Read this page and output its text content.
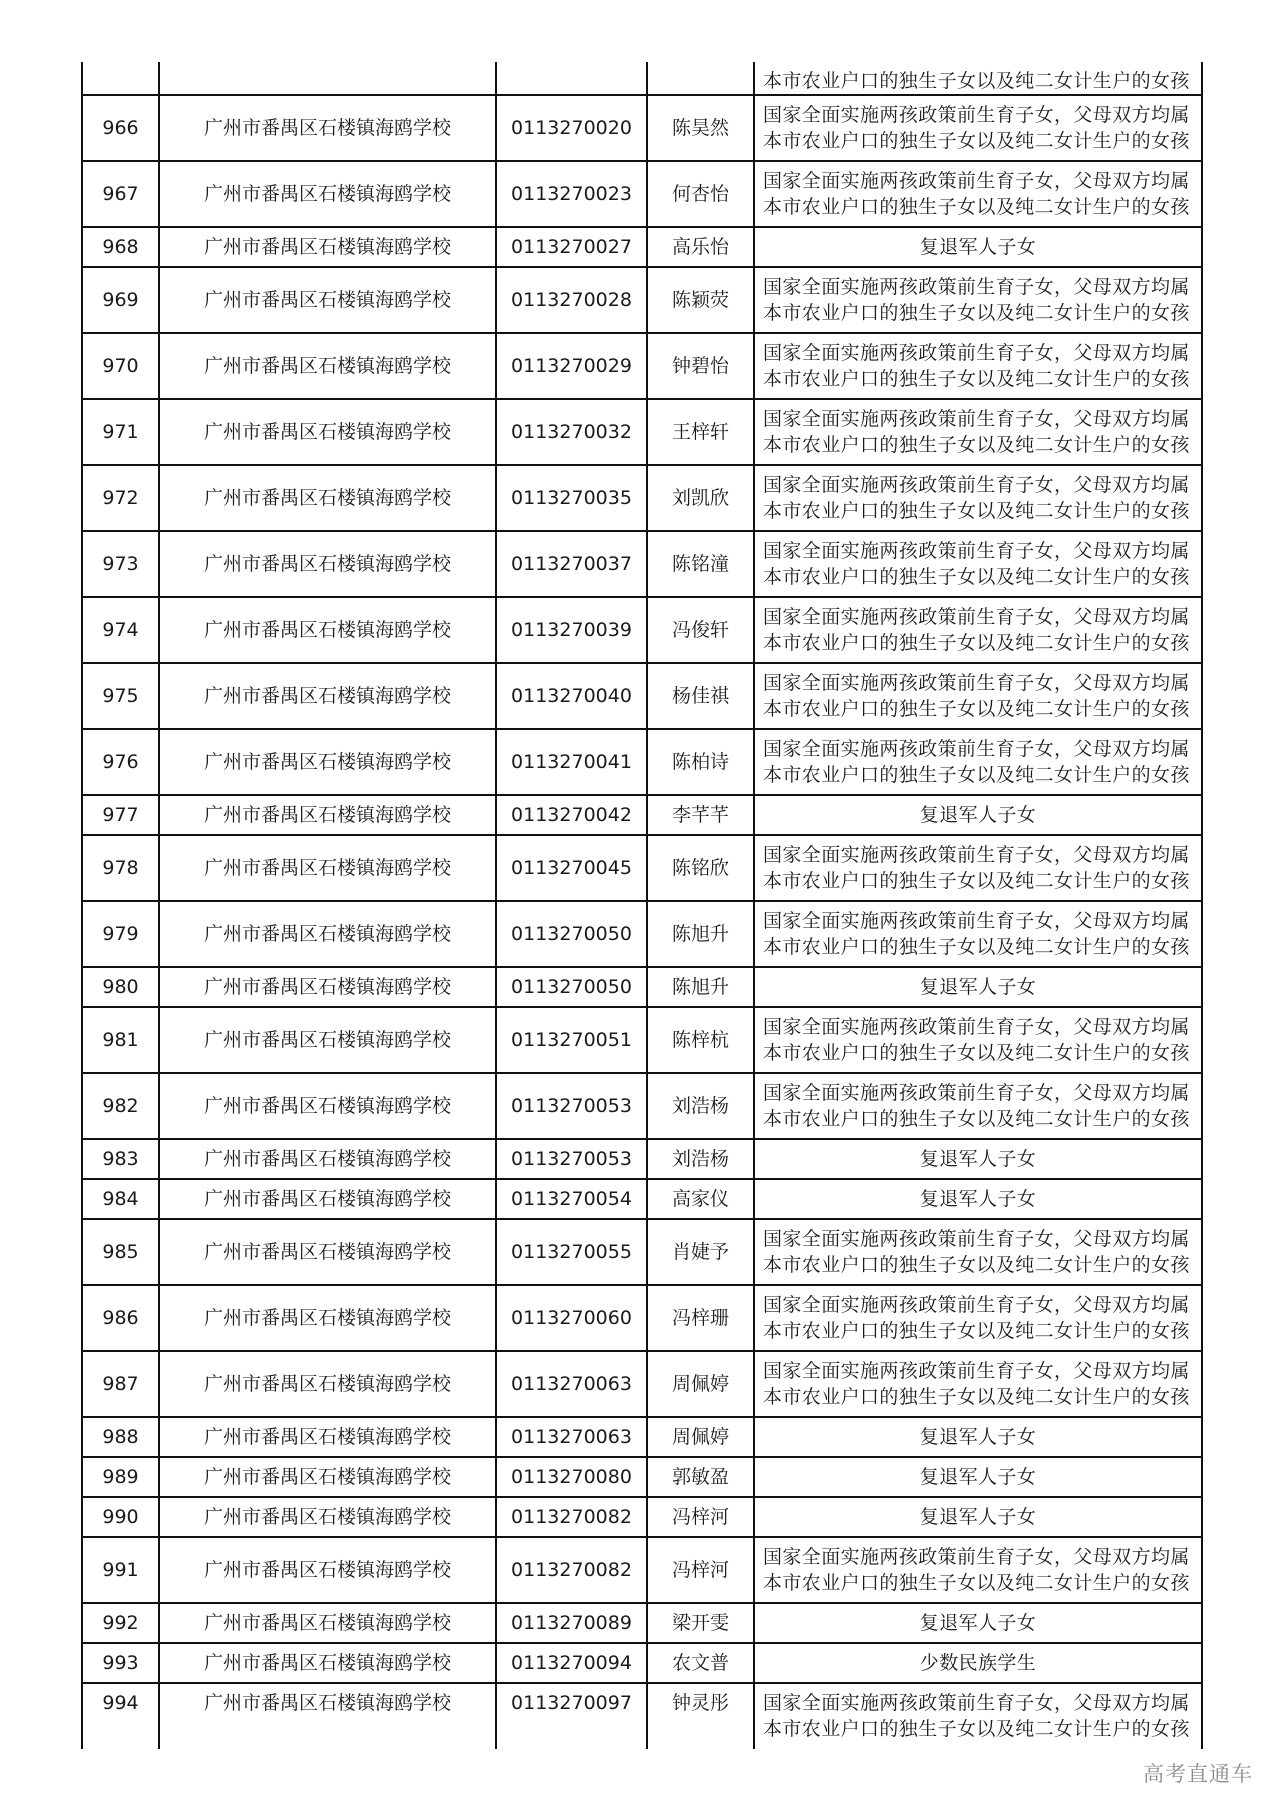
				本市农业户口的独生子女以及纯二女计生户的女孩

966	广州市番禺区石楼镇海鸥学校	0113270020	陈昊然	国家全面实施两孩政策前生育子女，父母双方均属
本市农业户口的独生子女以及纯二女计生户的女孩

967	广州市番禺区石楼镇海鸥学校	0113270023	何杏怡	国家全面实施两孩政策前生育子女，父母双方均属
本市农业户口的独生子女以及纯二女计生户的女孩

968	广州市番禺区石楼镇海鸥学校	0113270027	高乐怡	复退军人子女
969	广州市番禺区石楼镇海鸥学校	0113270028	陈颖荧	国家全面实施两孩政策前生育子女，父母双方均属
本市农业户口的独生子女以及纯二女计生户的女孩

970	广州市番禺区石楼镇海鸥学校	0113270029	钟碧怡	国家全面实施两孩政策前生育子女，父母双方均属
本市农业户口的独生子女以及纯二女计生户的女孩

971	广州市番禺区石楼镇海鸥学校	0113270032	王梓轩	国家全面实施两孩政策前生育子女，父母双方均属
本市农业户口的独生子女以及纯二女计生户的女孩

972	广州市番禺区石楼镇海鸥学校	0113270035	刘凯欣	国家全面实施两孩政策前生育子女，父母双方均属
本市农业户口的独生子女以及纯二女计生户的女孩

973	广州市番禺区石楼镇海鸥学校	0113270037	陈铭潼	国家全面实施两孩政策前生育子女，父母双方均属
本市农业户口的独生子女以及纯二女计生户的女孩

974	广州市番禺区石楼镇海鸥学校	0113270039	冯俊轩	国家全面实施两孩政策前生育子女，父母双方均属
本市农业户口的独生子女以及纯二女计生户的女孩

975	广州市番禺区石楼镇海鸥学校	0113270040	杨佳祺	国家全面实施两孩政策前生育子女，父母双方均属
本市农业户口的独生子女以及纯二女计生户的女孩

976	广州市番禺区石楼镇海鸥学校	0113270041	陈柏诗	国家全面实施两孩政策前生育子女，父母双方均属
本市农业户口的独生子女以及纯二女计生户的女孩

977	广州市番禺区石楼镇海鸥学校	0113270042	李芊芊	复退军人子女
978	广州市番禺区石楼镇海鸥学校	0113270045	陈铭欣	国家全面实施两孩政策前生育子女，父母双方均属
本市农业户口的独生子女以及纯二女计生户的女孩

979	广州市番禺区石楼镇海鸥学校	0113270050	陈旭升	国家全面实施两孩政策前生育子女，父母双方均属
本市农业户口的独生子女以及纯二女计生户的女孩

980	广州市番禺区石楼镇海鸥学校	0113270050	陈旭升	复退军人子女
981	广州市番禺区石楼镇海鸥学校	0113270051	陈梓杭	国家全面实施两孩政策前生育子女，父母双方均属
本市农业户口的独生子女以及纯二女计生户的女孩

982	广州市番禺区石楼镇海鸥学校	0113270053	刘浩杨	国家全面实施两孩政策前生育子女，父母双方均属
本市农业户口的独生子女以及纯二女计生户的女孩

983	广州市番禺区石楼镇海鸥学校	0113270053	刘浩杨	复退军人子女
984	广州市番禺区石楼镇海鸥学校	0113270054	高家仪	复退军人子女
985	广州市番禺区石楼镇海鸥学校	0113270055	肖婕予	国家全面实施两孩政策前生育子女，父母双方均属
本市农业户口的独生子女以及纯二女计生户的女孩

986	广州市番禺区石楼镇海鸥学校	0113270060	冯梓珊	国家全面实施两孩政策前生育子女，父母双方均属
本市农业户口的独生子女以及纯二女计生户的女孩

987	广州市番禺区石楼镇海鸥学校	0113270063	周佩婷	国家全面实施两孩政策前生育子女，父母双方均属
本市农业户口的独生子女以及纯二女计生户的女孩

988	广州市番禺区石楼镇海鸥学校	0113270063	周佩婷	复退军人子女
989	广州市番禺区石楼镇海鸥学校	0113270080	郭敏盈	复退军人子女
990	广州市番禺区石楼镇海鸥学校	0113270082	冯梓河	复退军人子女
991	广州市番禺区石楼镇海鸥学校	0113270082	冯梓河	国家全面实施两孩政策前生育子女，父母双方均属
本市农业户口的独生子女以及纯二女计生户的女孩

992	广州市番禺区石楼镇海鸥学校	0113270089	梁开雯	复退军人子女
993	广州市番禺区石楼镇海鸥学校	0113270094	农文普	少数民族学生
994	广州市番禺区石楼镇海鸥学校	0113270097	钟灵彤	国家全面实施两孩政策前生育子女，父母双方均属
本市农业户口的独生子女以及纯二女计生户的女孩
高考直通车
